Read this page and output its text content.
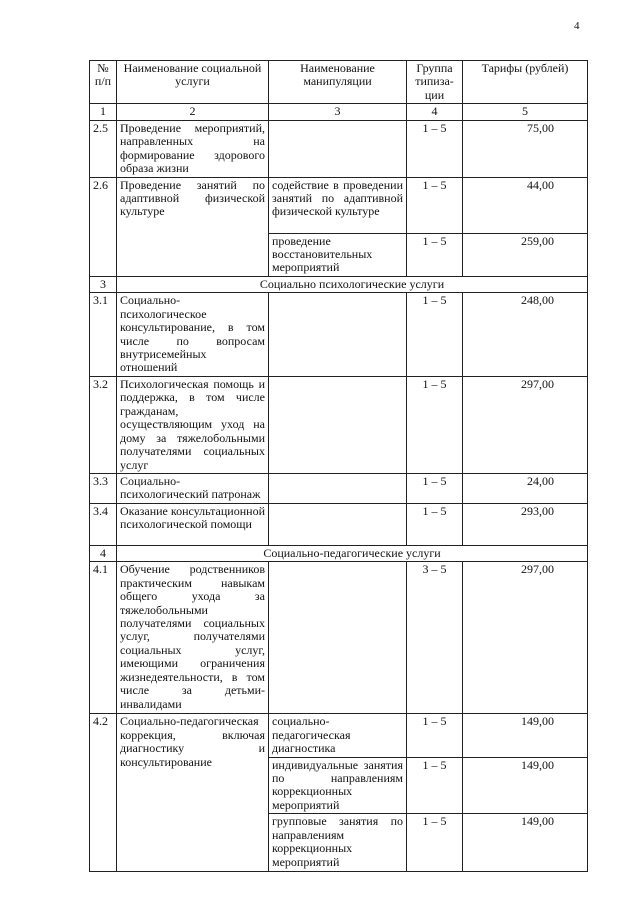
4
№ п/п	Наименование социальной услуги	Наименование манипуляции	Группа типиза-ции	Тарифы (рублей)
1	2	3	4	5
2.5	Проведение мероприятий, направленных на формирование здорового образа жизни		1 – 5	75,00
2.6	Проведение занятий по адаптивной физической культуре	содействие в проведении занятий по адаптивной физической культуре	1 – 5	44,00
		проведение восстановительных мероприятий	1 – 5	259,00
3	Социально психологические услуги			
3.1	Социально-психологическое консультирование, в том числе по вопросам внутрисемейных отношений		1 – 5	248,00
3.2	Психологическая помощь и поддержка, в том числе гражданам, осуществляющим уход на дому за тяжелобольными получателями социальных услуг		1 – 5	297,00
3.3	Социально-психологический патронаж		1 – 5	24,00
3.4	Оказание консультационной психологической помощи		1 – 5	293,00
4	Социально-педагогические услуги			
4.1	Обучение родственников практическим навыкам общего ухода за тяжелобольными получателями социальных услуг, получателями социальных услуг, имеющими ограничения жизнедеятельности, в том числе за детьми-инвалидами		3 – 5	297,00
4.2	Социально-педагогическая коррекция, включая диагностику и консультирование	социально-педагогическая диагностика	1 – 5	149,00
		индивидуальные занятия по направлениям коррекционных мероприятий	1 – 5	149,00
		групповые занятия по направлениям коррекционных мероприятий	1 – 5	149,00
